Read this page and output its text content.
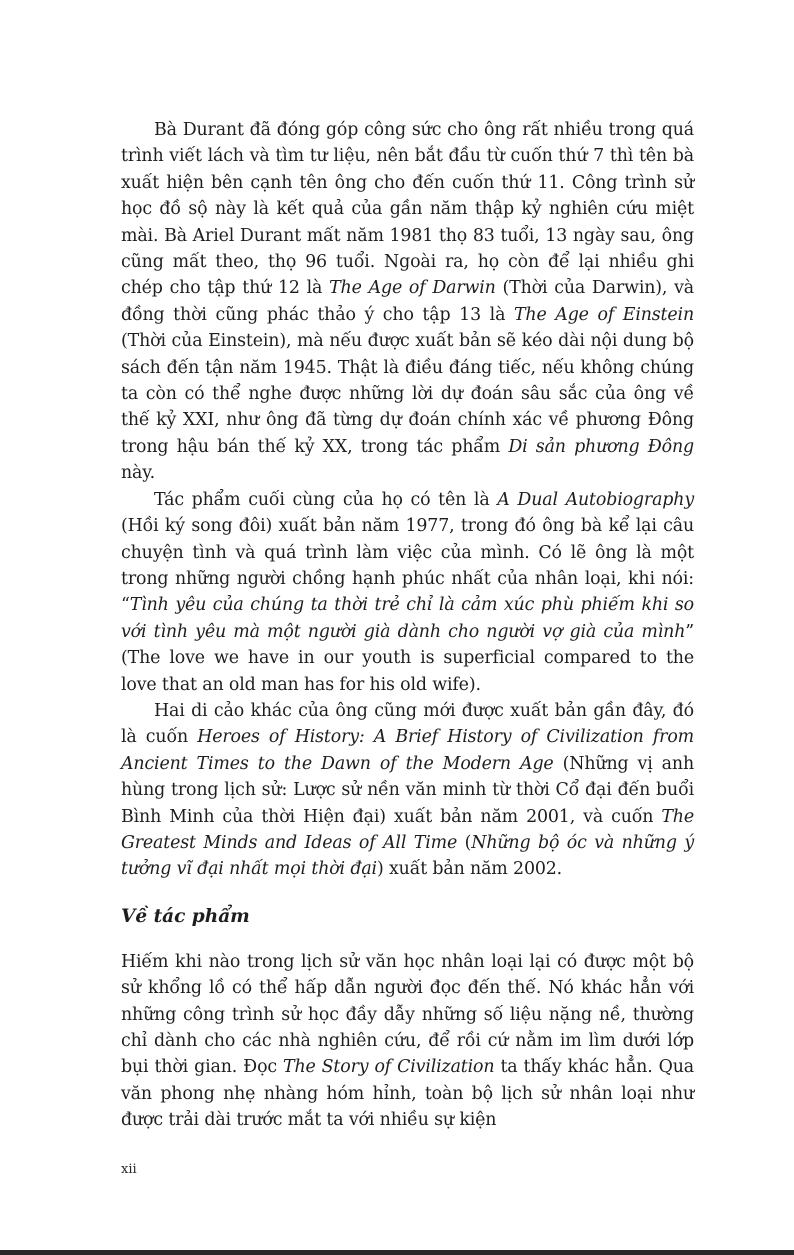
Bà Durant đã đóng góp công sức cho ông rất nhiều trong quá trình viết lách và tìm tư liệu, nên bắt đầu từ cuốn thứ 7 thì tên bà xuất hiện bên cạnh tên ông cho đến cuốn thứ 11. Công trình sử học đồ sộ này là kết quả của gần năm thập kỷ nghiên cứu miệt mài. Bà Ariel Durant mất năm 1981 thọ 83 tuổi, 13 ngày sau, ông cũng mất theo, thọ 96 tuổi. Ngoài ra, họ còn để lại nhiều ghi chép cho tập thứ 12 là The Age of Darwin (Thời của Darwin), và đồng thời cũng phác thảo ý cho tập 13 là The Age of Einstein (Thời của Einstein), mà nếu được xuất bản sẽ kéo dài nội dung bộ sách đến tận năm 1945. Thật là điều đáng tiếc, nếu không chúng ta còn có thể nghe được những lời dự đoán sâu sắc của ông về thế kỷ XXI, như ông đã từng dự đoán chính xác về phương Đông trong hậu bán thế kỷ XX, trong tác phẩm Di sản phương Đông này.

Tác phẩm cuối cùng của họ có tên là A Dual Autobiography (Hồi ký song đôi) xuất bản năm 1977, trong đó ông bà kể lại câu chuyện tình và quá trình làm việc của mình. Có lẽ ông là một trong những người chồng hạnh phúc nhất của nhân loại, khi nói: “Tình yêu của chúng ta thời trẻ chỉ là cảm xúc phù phiếm khi so với tình yêu mà một người già dành cho người vợ già của mình” (The love we have in our youth is superficial compared to the love that an old man has for his old wife).

Hai di cảo khác của ông cũng mới được xuất bản gần đây, đó là cuốn Heroes of History: A Brief History of Civilization from Ancient Times to the Dawn of the Modern Age (Những vị anh hùng trong lịch sử: Lược sử nền văn minh từ thời Cổ đại đến buổi Bình Minh của thời Hiện đại) xuất bản năm 2001, và cuốn The Greatest Minds and Ideas of All Time (Những bộ óc và những ý tưởng vĩ đại nhất mọi thời đại) xuất bản năm 2002.

Về tác phẩm

Hiếm khi nào trong lịch sử văn học nhân loại lại có được một bộ sử khổng lồ có thể hấp dẫn người đọc đến thế. Nó khác hẳn với những công trình sử học đầy dẫy những số liệu nặng nề, thường chỉ dành cho các nhà nghiên cứu, để rồi cứ nằm im lìm dưới lớp bụi thời gian. Đọc The Story of Civilization ta thấy khác hẳn. Qua văn phong nhẹ nhàng hóm hỉnh, toàn bộ lịch sử nhân loại như được trải dài trước mắt ta với nhiều sự kiện

xii
